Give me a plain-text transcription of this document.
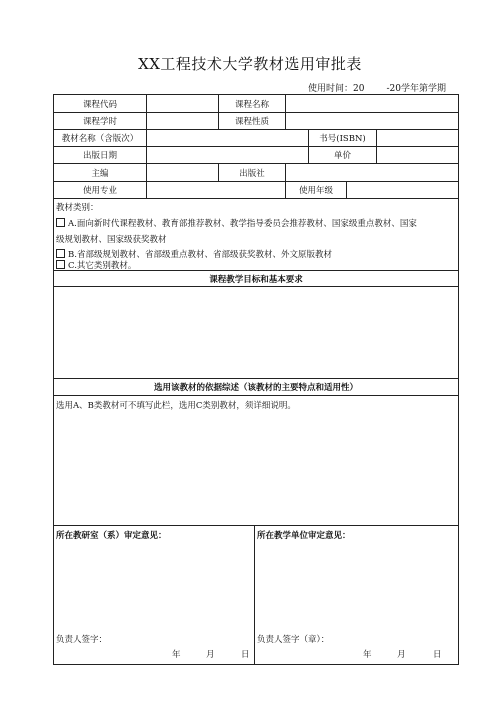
XX工程技术大学教材选用审批表
使用时间：20 -20学年第学期
课程代码	课程名称
课程学时	课程性质
教材名称（含版次）	书号(ISBN)
出版日期	单价
主编	出版社
使用专业	使用年级
教材类别：
A.面向新时代课程教材、教育部推荐教材、教学指导委员会推荐教材、国家级重点教材、国家
级规划教材、国家级获奖教材
B.省部级规划教材、省部级重点教材、省部级获奖教材、外文原版教材
C.其它类别教材。
课程教学目标和基本要求
选用该教材的依据综述（该教材的主要特点和适用性）
选用A、B类教材可不填写此栏，选用C类别教材，须详细说明。
所在教研室（系）审定意见：	所在教学单位审定意见：
负责人签字：	负责人签字（章）：
年	月	日	年	月	日
